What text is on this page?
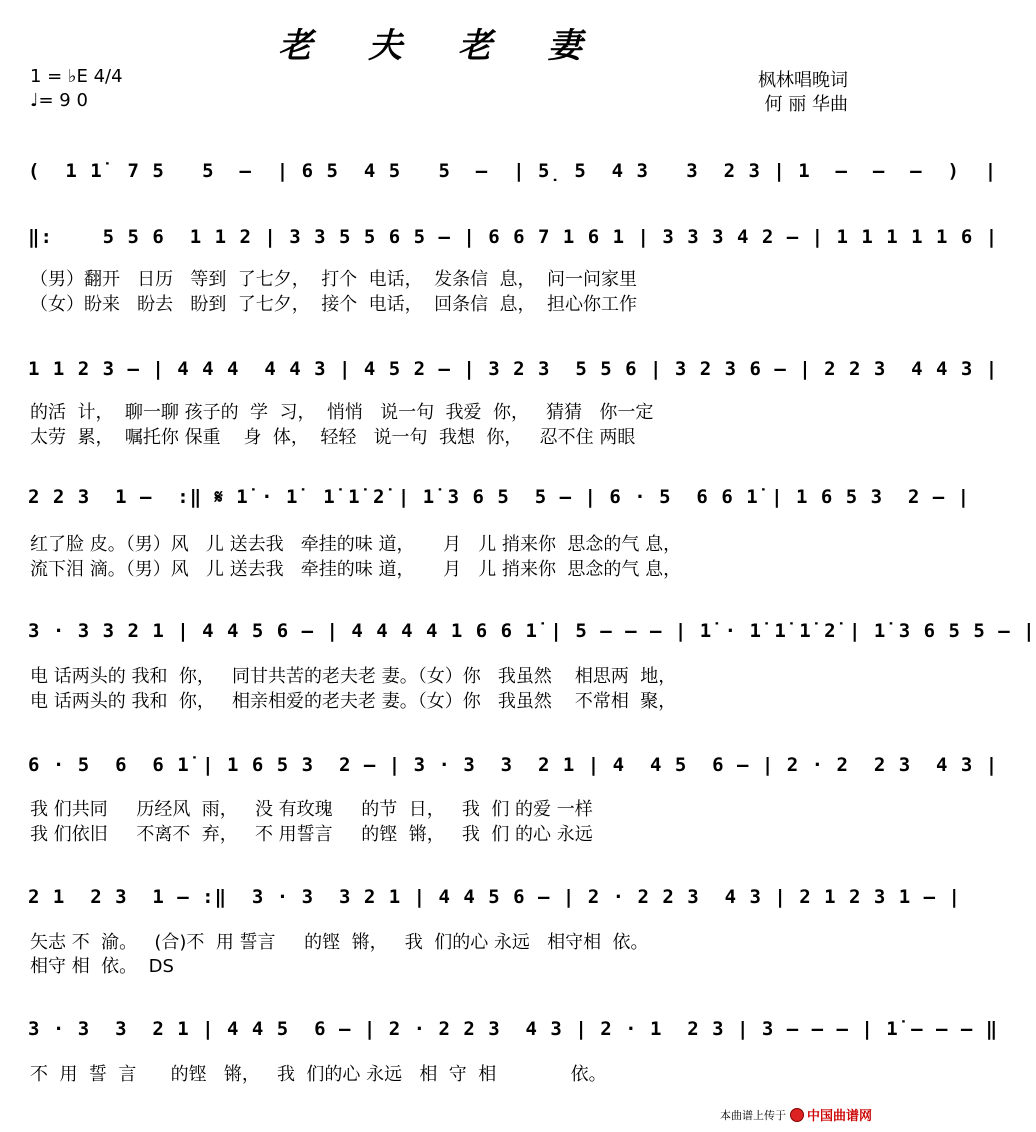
老 夫 老 妻
1 = ♭E 4/4
♩= 9 0
枫林唱晚词
何 丽 华曲
(  1 1̇  7 5   5  –  | 6 5  4 5   5  –  | 5̣ 5  4 3   3  2 3 | 1  –  –  –  )  |
‖:    5 5 6  1 1 2 | 3 3 5 5 6 5 – | 6 6 7 1 6 1 | 3 3 3 4 2 – | 1 1 1 1 1 6 |
（男）翻开   日历   等到  了七夕，  打个  电话，  发条信  息，  问一问家里
（女）盼来   盼去   盼到  了七夕，  接个  电话，  回条信  息，  担心你工作
1 1 2 3 – | 4 4 4  4 4 3 | 4 5 2 – | 3 2 3  5 5 6 | 3 2 3 6 – | 2 2 3  4 4 3 |
的活  计，  聊一聊 孩子的  学  习，  悄悄   说一句  我爱  你，   猜猜   你一定
太劳  累，  嘱托你 保重    身  体，  轻轻   说一句  我想  你，   忍不住 两眼
2 2 3  1 –  :‖ 𝄋 1̇ · 1̇  1̇ 1̇ 2̇ | 1̇ 3 6 5  5 – | 6 · 5  6 6 1̇ | 1 6 5 3  2 – |
红了脸 皮。（男）风   儿 送去我   牵挂的味 道，     月   儿 捎来你  思念的气 息，
流下泪 滴。（男）风   儿 送去我   牵挂的味 道，     月   儿 捎来你  思念的气 息，
3 · 3 3 2 1 | 4 4 5 6 – | 4 4 4 4 1 6 6 1̇ | 5 – – – | 1̇ · 1̇ 1̇ 1̇ 2̇ | 1̇ 3 6 5 5 – |
电 话两头的 我和  你，   同甘共苦的老夫老 妻。（女）你   我虽然    相思两  地，
电 话两头的 我和  你，   相亲相爱的老夫老 妻。（女）你   我虽然    不常相  聚，
6 · 5  6  6 1̇ | 1 6 5 3  2 – | 3 · 3  3  2 1 | 4  4 5  6 – | 2 · 2  2 3  4 3 |
我 们共同     历经风  雨，   没 有玫瑰     的节  日，   我  们 的爱 一样
我 们依旧     不离不  弃，   不 用誓言     的铿  锵，   我  们 的心 永远
2 1  2 3  1 – :‖  3 · 3  3 2 1 | 4 4 5 6 – | 2 · 2 2 3  4 3 | 2 1 2 3 1 – |
矢志 不  渝。   (合)不  用 誓言     的铿  锵，   我  们的心 永远   相守相  依。
相守 相  依。  DS
3 · 3  3  2 1 | 4 4 5  6 – | 2 · 2 2 3  4 3 | 2 · 1  2 3 | 3 – – – | 1̇ – – – ‖
不  用  誓  言      的铿   锵，   我  们的心 永远   相  守  相             依。
本曲谱上传于 中国曲谱网
